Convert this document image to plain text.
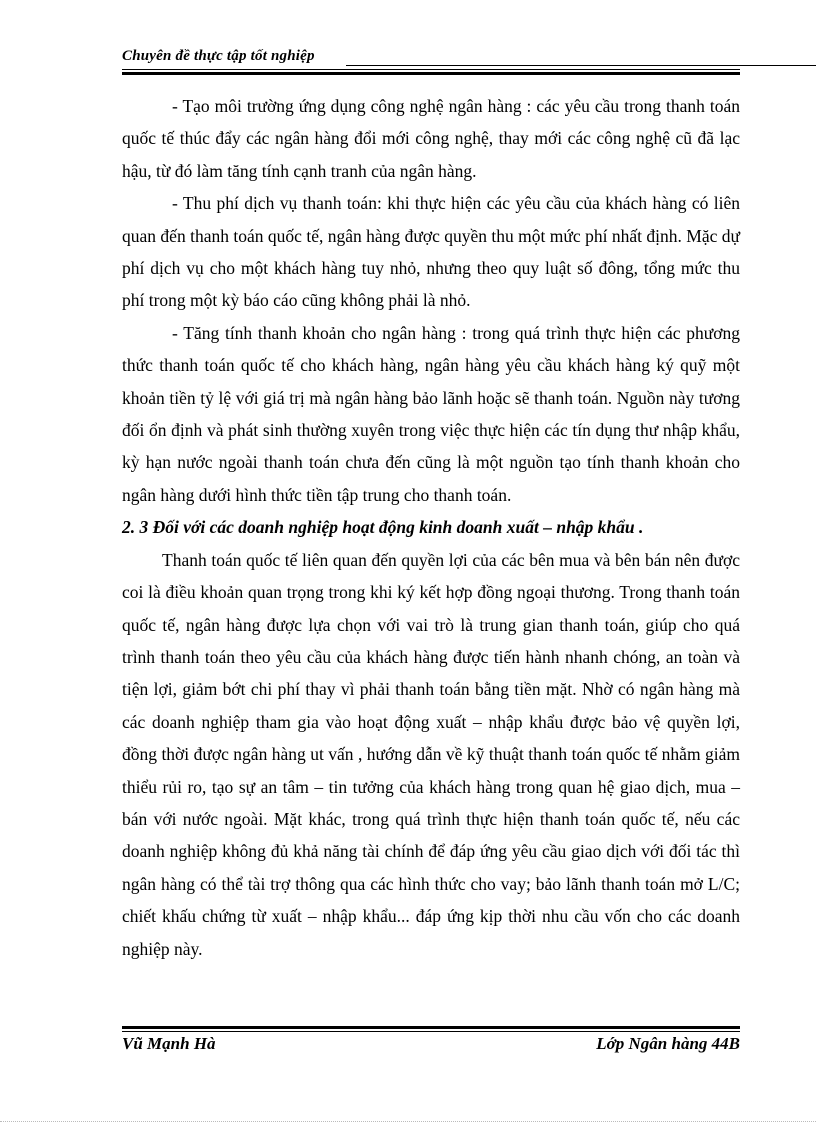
Chuyên đề thực tập tốt nghiệp

- Tạo môi trường ứng dụng công nghệ ngân hàng : các yêu cầu trong thanh toán quốc tế thúc đẩy các ngân hàng đổi mới công nghệ, thay mới các công nghệ cũ đã lạc hậu, từ đó làm tăng tính cạnh tranh của ngân hàng.

- Thu phí dịch vụ thanh toán: khi thực hiện các yêu cầu của khách hàng có liên quan đến thanh toán quốc tế, ngân hàng được quyền thu một mức phí nhất định. Mặc dự phí dịch vụ cho một khách hàng tuy nhỏ, nhưng theo quy luật số đông, tổng mức thu phí trong một kỳ báo cáo cũng không phải là nhỏ.

- Tăng tính thanh khoản cho ngân hàng : trong quá trình thực hiện các phương thức thanh toán quốc tế cho khách hàng, ngân hàng yêu cầu khách hàng ký quỹ một khoản tiền tỷ lệ với giá trị mà ngân hàng bảo lãnh hoặc sẽ thanh toán. Nguồn này tương đối ổn định và phát sinh thường xuyên trong việc thực hiện các tín dụng thư nhập khẩu, kỳ hạn nước ngoài thanh toán chưa đến cũng là một nguồn tạo tính thanh khoản cho ngân hàng dưới hình thức tiền tập trung cho thanh toán.

2. 3 Đối với các doanh nghiệp hoạt động kinh doanh xuất – nhập khẩu .

Thanh toán quốc tế liên quan đến quyền lợi của các bên mua và bên bán nên được coi là điều khoản quan trọng trong khi ký kết hợp đồng ngoại thương. Trong thanh toán quốc tế, ngân hàng được lựa chọn với vai trò là trung gian thanh toán, giúp cho quá trình thanh toán theo yêu cầu của khách hàng được tiến hành nhanh chóng, an toàn và tiện lợi, giảm bớt chi phí thay vì phải thanh toán bằng tiền mặt. Nhờ có ngân hàng mà các doanh nghiệp tham gia vào hoạt động xuất – nhập khẩu được bảo vệ quyền lợi, đồng thời được ngân hàng ut vấn , hướng dẫn về kỹ thuật thanh toán quốc tế nhằm giảm thiểu rủi ro, tạo sự an tâm – tin tưởng của khách hàng trong quan hệ giao dịch, mua – bán với nước ngoài. Mặt khác, trong quá trình thực hiện thanh toán quốc tế, nếu các doanh nghiệp không đủ khả năng tài chính để đáp ứng yêu cầu giao dịch với đối tác thì ngân hàng có thể tài trợ thông qua các hình thức cho vay; bảo lãnh thanh toán mở L/C; chiết khấu chứng từ xuất – nhập khẩu... đáp ứng kịp thời nhu cầu vốn cho các doanh nghiệp này.

Vũ Mạnh Hà	Lớp Ngân hàng 44B
